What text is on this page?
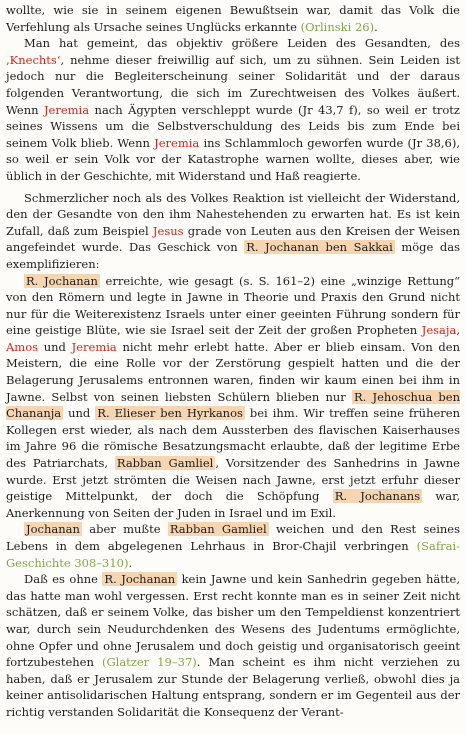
wollte, wie sie in seinem eigenen Bewußtsein war, damit das Volk die Verfehlung als Ursache seines Unglücks erkannte (Orlinski 26).

Man hat gemeint, das objektiv größere Leiden des Gesandten, des ‚Knechts‘, nehme dieser freiwillig auf sich, um zu sühnen. Sein Leiden ist jedoch nur die Begleiterscheinung seiner Solidarität und der daraus folgenden Verantwortung, die sich im Zurechtweisen des Volkes äußert. Wenn Jeremia nach Ägypten verschleppt wurde (Jr 43,7 f), so weil er trotz seines Wissens um die Selbstverschuldung des Leids bis zum Ende bei seinem Volk blieb. Wenn Jeremia ins Schlammloch geworfen wurde (Jr 38,6), so weil er sein Volk vor der Katastrophe warnen wollte, dieses aber, wie üblich in der Geschichte, mit Widerstand und Haß reagierte.

Schmerzlicher noch als des Volkes Reaktion ist vielleicht der Widerstand, den der Gesandte von den ihm Nahestehenden zu erwarten hat. Es ist kein Zufall, daß zum Beispiel Jesus grade von Leuten aus den Kreisen der Weisen angefeindet wurde. Das Geschick von R. Jochanan ben Sakkai möge das exemplifizieren:

R. Jochanan erreichte, wie gesagt (s. S. 161–2) eine „winzige Rettung“ von den Römern und legte in Jawne in Theorie und Praxis den Grund nicht nur für die Weiterexistenz Israels unter einer geeinten Führung sondern für eine geistige Blüte, wie sie Israel seit der Zeit der großen Propheten Jesaja, Amos und Jeremia nicht mehr erlebt hatte. Aber er blieb einsam. Von den Meistern, die eine Rolle vor der Zerstörung gespielt hatten und die der Belagerung Jerusalems entronnen waren, finden wir kaum einen bei ihm in Jawne. Selbst von seinen liebsten Schülern blieben nur R. Jehoschua ben Chananja und R. Elieser ben Hyrkanos bei ihm. Wir treffen seine früheren Kollegen erst wieder, als nach dem Aussterben des flavischen Kaiserhauses im Jahre 96 die römische Besatzungsmacht erlaubte, daß der legitime Erbe des Patriarchats, Rabban Gamliel , Vorsitzender des Sanhedrins in Jawne wurde. Erst jetzt strömten die Weisen nach Jawne, erst jetzt erfuhr dieser geistige Mittelpunkt, der doch die Schöpfung R. Jochanans war, Anerkennung von Seiten der Juden in Israel und im Exil.

Jochanan aber mußte Rabban Gamliel weichen und den Rest seines Lebens in dem abgelegenen Lehrhaus in Bror-Chajil verbringen (Safrai-Geschichte 308–310).

Daß es ohne R. Jochanan kein Jawne und kein Sanhedrin gegeben hätte, das hatte man wohl vergessen. Erst recht konnte man es in seiner Zeit nicht schätzen, daß er seinem Volke, das bisher um den Tempeldienst konzentriert war, durch sein Neudurchdenken des Wesens des Judentums ermöglichte, ohne Opfer und ohne Jerusalem und doch geistig und organisatorisch geeint fortzubestehen (Glatzer 19–37). Man scheint es ihm nicht verziehen zu haben, daß er Jerusalem zur Stunde der Belagerung verließ, obwohl dies ja keiner antisolidarischen Haltung entsprang, sondern er im Gegenteil aus der richtig verstanden Solidarität die Konsequenz der Verant-
